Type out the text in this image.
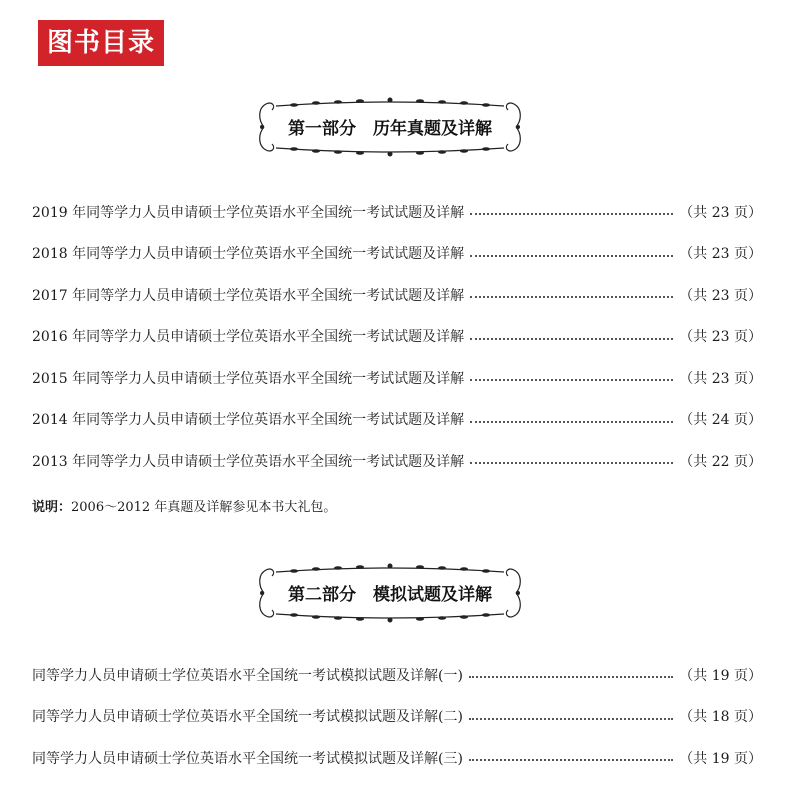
图书目录
第一部分　历年真题及详解
2019 年同等学力人员申请硕士学位英语水平全国统一考试试题及详解	（共 23 页）
2018 年同等学力人员申请硕士学位英语水平全国统一考试试题及详解	（共 23 页）
2017 年同等学力人员申请硕士学位英语水平全国统一考试试题及详解	（共 23 页）
2016 年同等学力人员申请硕士学位英语水平全国统一考试试题及详解	（共 23 页）
2015 年同等学力人员申请硕士学位英语水平全国统一考试试题及详解	（共 23 页）
2014 年同等学力人员申请硕士学位英语水平全国统一考试试题及详解	（共 24 页）
2013 年同等学力人员申请硕士学位英语水平全国统一考试试题及详解	（共 22 页）
说明：2006～2012 年真题及详解参见本书大礼包。
第二部分　模拟试题及详解
同等学力人员申请硕士学位英语水平全国统一考试模拟试题及详解(一)	（共 19 页）
同等学力人员申请硕士学位英语水平全国统一考试模拟试题及详解(二)	（共 18 页）
同等学力人员申请硕士学位英语水平全国统一考试模拟试题及详解(三)	（共 19 页）
